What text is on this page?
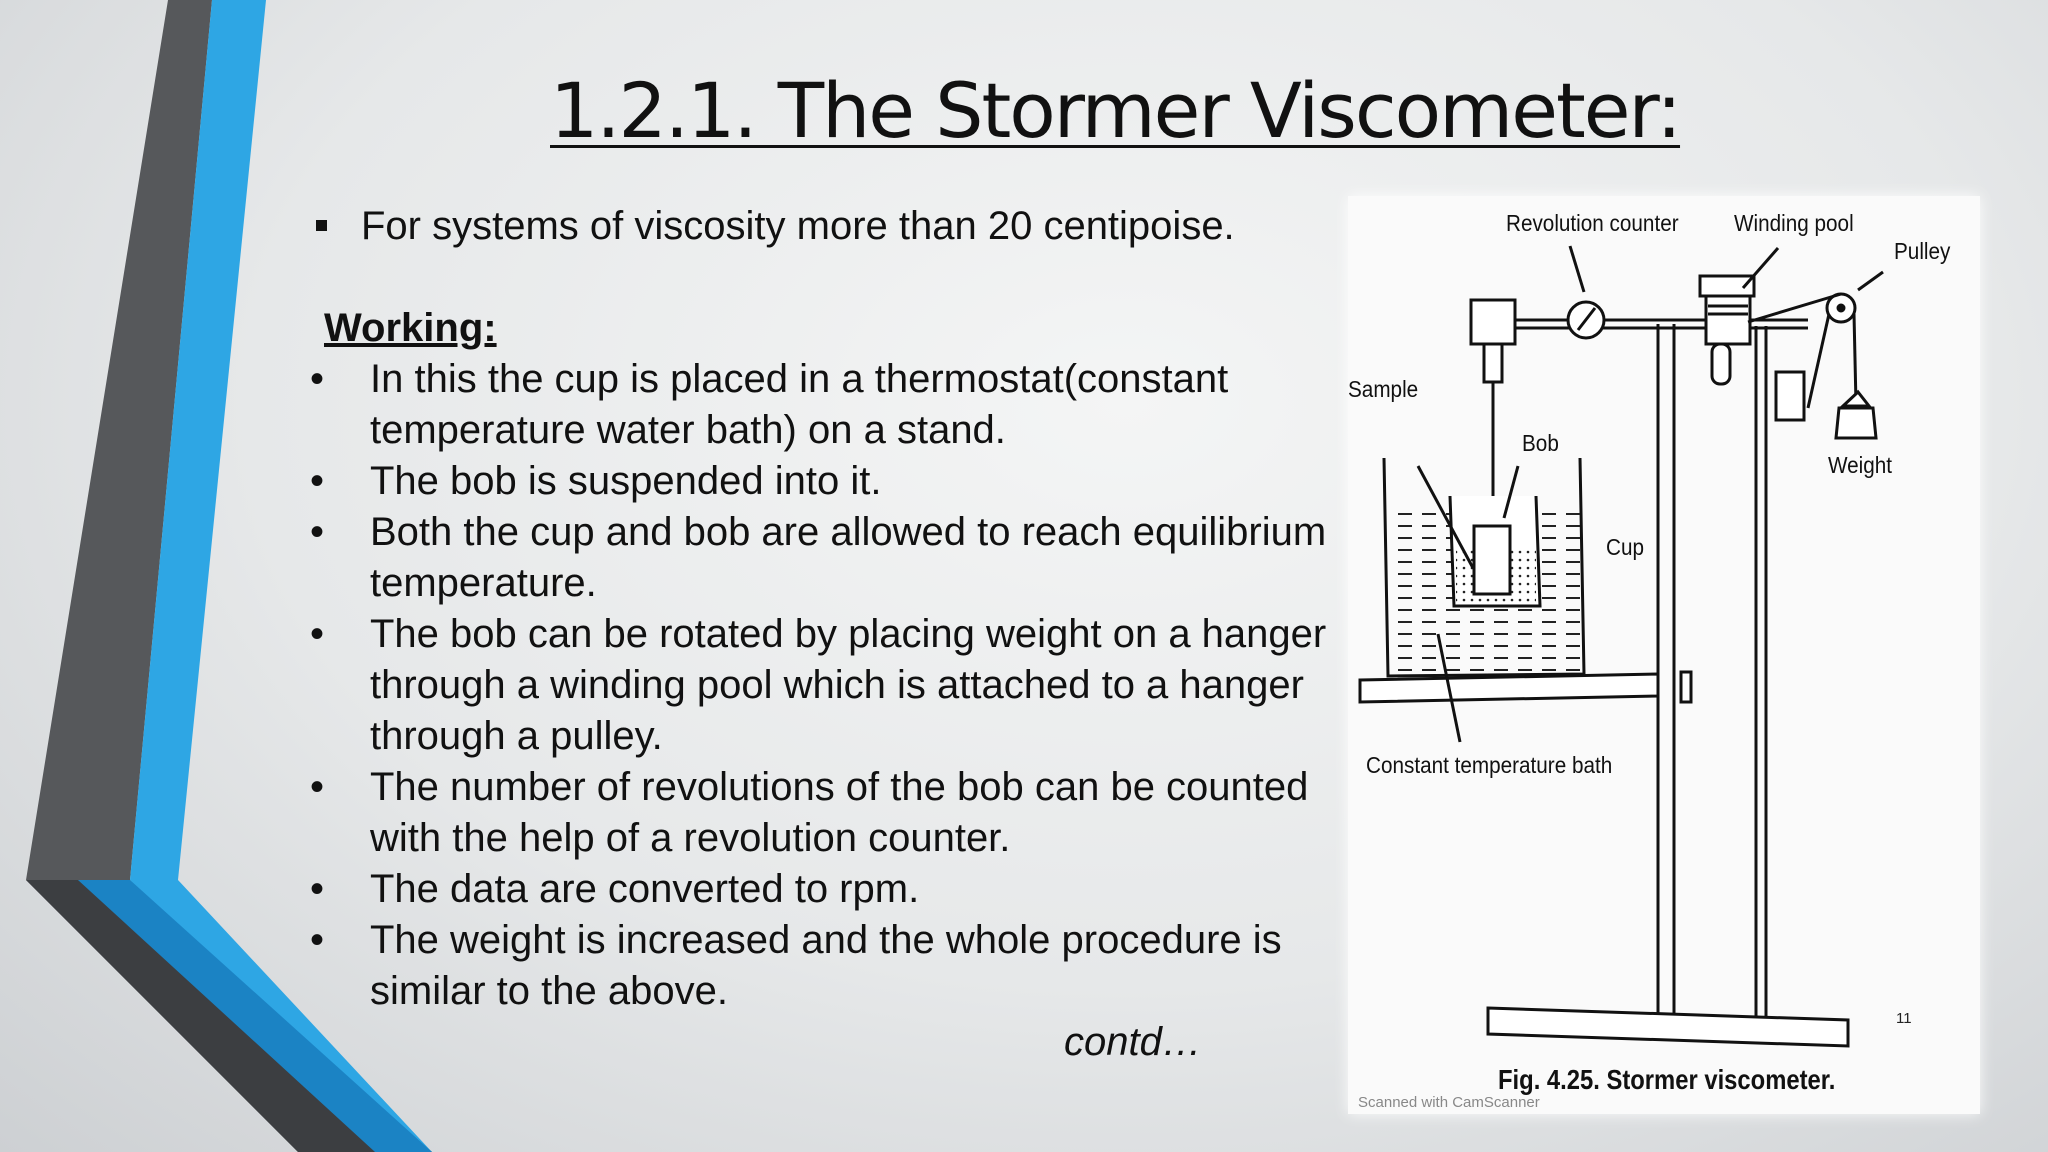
1.2.1. The Stormer Viscometer:
For systems of viscosity more than 20 centipoise.
Working:
• In this the cup is placed in a thermostat(constant temperature water bath) on a stand.
• The bob is suspended into it.
• Both the cup and bob are allowed to reach equilibrium temperature.
• The bob can be rotated by placing weight on a hanger through a winding pool which is attached to a hanger through a pulley.
• The number of revolutions of the bob can be counted with the help of a revolution counter.
• The data are converted to rpm.
• The weight is increased and the whole procedure is similar to the above.
contd…
Revolution counter Winding pool
Pulley
Sample
Bob
Weight
Cup
Constant temperature bath
Fig. 4.25. Stormer viscometer.
Scanned with CamScanner
11
